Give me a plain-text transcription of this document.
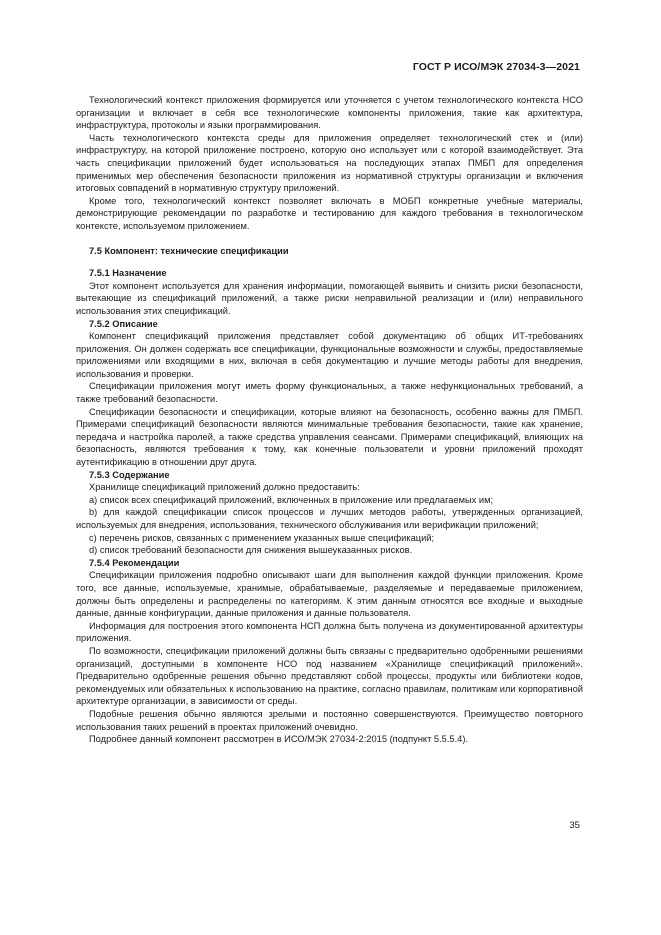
ГОСТ Р ИСО/МЭК 27034-3—2021

Технологический контекст приложения формируется или уточняется с учетом технологического контекста НСО организации и включает в себя все технологические компоненты приложения, такие как архитектура, инфраструктура, протоколы и языки программирования.

Часть технологического контекста среды для приложения определяет технологический стек и (или) инфраструктуру, на которой приложение построено, которую оно использует или с которой взаимодействует. Эта часть спецификации приложений будет использоваться на последующих этапах ПМБП для определения применимых мер обеспечения безопасности приложения из нормативной структуры организации и включения итоговых совпадений в нормативную структуру приложений.

Кроме того, технологический контекст позволяет включать в МОБП конкретные учебные материалы, демонстрирующие рекомендации по разработке и тестированию для каждого требования в технологическом контексте, используемом приложением.

7.5 Компонент: технические спецификации
7.5.1 Назначение

Этот компонент используется для хранения информации, помогающей выявить и снизить риски безопасности, вытекающие из спецификаций приложений, а также риски неправильной реализации и (или) неправильного использования этих спецификаций.

7.5.2 Описание

Компонент спецификаций приложения представляет собой документацию об общих ИТ-требованиях приложения. Он должен содержать все спецификации, функциональные возможности и службы, предоставляемые приложениями или входящими в них, включая в себя документацию и лучшие методы работы для внедрения, использования и проверки.

Спецификации приложения могут иметь форму функциональных, а также нефункциональных требований, а также требований безопасности.

Спецификации безопасности и спецификации, которые влияют на безопасность, особенно важны для ПМБП. Примерами спецификаций безопасности являются минимальные требования безопасности, такие как хранение, передача и настройка паролей, а также средства управления сеансами. Примерами спецификаций, влияющих на безопасность, являются требования к тому, как конечные пользователи и уровни приложений проходят аутентификацию в отношении друг друга.

7.5.3 Содержание

Хранилище спецификаций приложений должно предоставить:

a) список всех спецификаций приложений, включенных в приложение или предлагаемых им;

b) для каждой спецификации список процессов и лучших методов работы, утвержденных организацией, используемых для внедрения, использования, технического обслуживания или верификации приложений;

c) перечень рисков, связанных с применением указанных выше спецификаций;

d) список требований безопасности для снижения вышеуказанных рисков.

7.5.4 Рекомендации

Спецификации приложения подробно описывают шаги для выполнения каждой функции приложения. Кроме того, все данные, используемые, хранимые, обрабатываемые, разделяемые и передаваемые приложением, должны быть определены и распределены по категориям. К этим данным относятся все входные и выходные данные, данные конфигурации, данные приложения и данные пользователя.

Информация для построения этого компонента НСП должна быть получена из документированной архитектуры приложения.

По возможности, спецификации приложений должны быть связаны с предварительно одобренными решениями организаций, доступными в компоненте НСО под названием «Хранилище спецификаций приложений». Предварительно одобренные решения обычно представляют собой процессы, продукты или библиотеки кодов, рекомендуемых или обязательных к использованию на практике, согласно правилам, политикам или корпоративной архитектуре организации, в зависимости от среды.

Подобные решения обычно являются зрелыми и постоянно совершенствуются. Преимущество повторного использования таких решений в проектах приложений очевидно.

Подробнее данный компонент рассмотрен в ИСО/МЭК 27034-2:2015 (подпункт 5.5.5.4).

35
